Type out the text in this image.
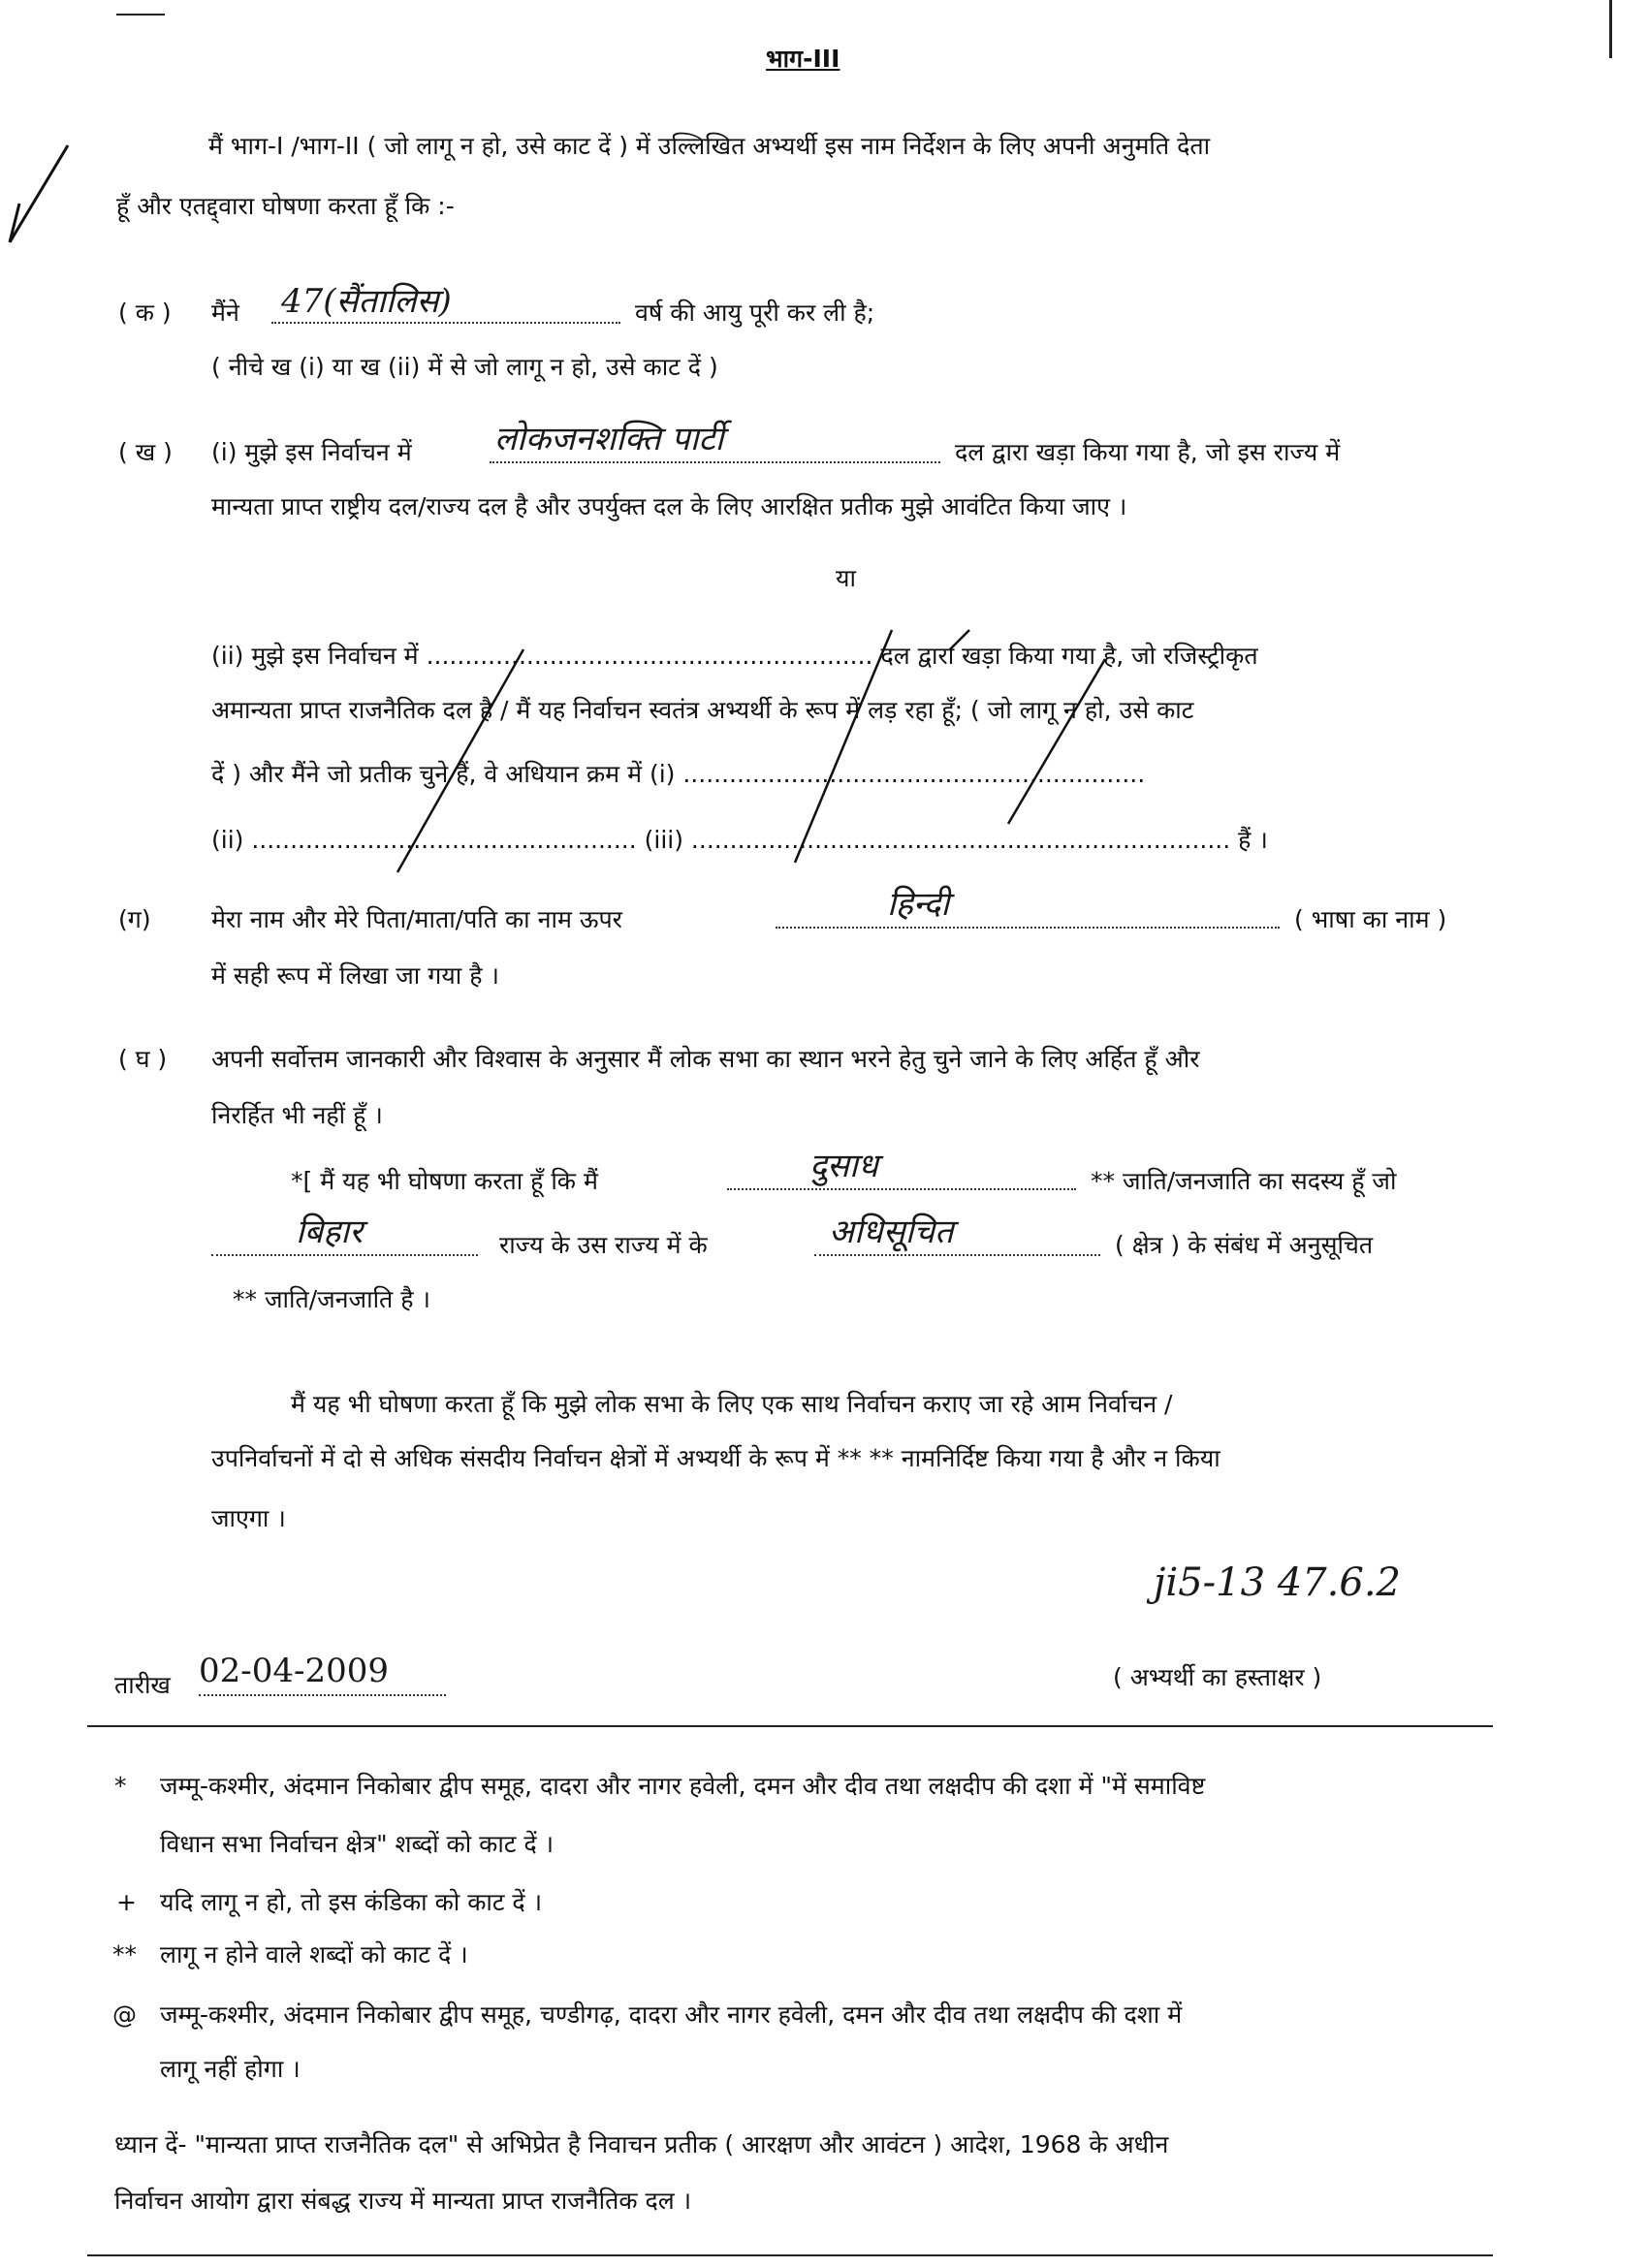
भाग-III
मैं भाग-I /भाग-II ( जो लागू न हो, उसे काट दें ) में उल्लिखित अभ्यर्थी इस नाम निर्देशन के लिए अपनी अनुमति देता
हूँ और एतद्द्वारा घोषणा करता हूँ कि :-
( क ) मैंने 47(सैंतालिस)	वर्ष की आयु पूरी कर ली है;
( नीचे ख (i) या ख (ii) में से जो लागू न हो, उसे काट दें )
( ख ) (i) मुझे इस निर्वाचन में	लोकजनशक्ति पार्टी	दल द्वारा खड़ा किया गया है, जो इस राज्य में
मान्यता प्राप्त राष्ट्रीय दल/राज्य दल है और उपर्युक्त दल के लिए आरक्षित प्रतीक मुझे आवंटित किया जाए ।
या
(ii) मुझे इस निर्वाचन में .......................................................... दल द्वारा खड़ा किया गया है, जो रजिस्ट्रीकृत
अमान्यता प्राप्त राजनैतिक दल है / मैं यह निर्वाचन स्वतंत्र अभ्यर्थी के रूप में लड़ रहा हूँ; ( जो लागू न हो, उसे काट
दें ) और मैंने जो प्रतीक चुने हैं, वे अधियान क्रम में (i) ............................................................
(ii) .................................................. (iii) ...................................................................... हैं ।
(ग) मेरा नाम और मेरे पिता/माता/पति का नाम ऊपर	हिन्दी	( भाषा का नाम )
में सही रूप में लिखा जा गया है ।
( घ ) अपनी सर्वोत्तम जानकारी और विश्वास के अनुसार मैं लोक सभा का स्थान भरने हेतु चुने जाने के लिए अर्हित हूँ और
निरर्हित भी नहीं हूँ ।
*[ मैं यह भी घोषणा करता हूँ कि मैं	दुसाध	** जाति/जनजाति का सदस्य हूँ जो
बिहार	राज्य के उस राज्य में के	अधिसूचित	( क्षेत्र ) के संबंध में अनुसूचित
** जाति/जनजाति है ।
मैं यह भी घोषणा करता हूँ कि मुझे लोक सभा के लिए एक साथ निर्वाचन कराए जा रहे आम निर्वाचन /
उपनिर्वाचनों में दो से अधिक संसदीय निर्वाचन क्षेत्रों में अभ्यर्थी के रूप में ** ** नामनिर्दिष्ट किया गया है और न किया
जाएगा ।
तारीख 02-04-2009
ji5-13 47.6.2
( अभ्यर्थी का हस्ताक्षर )
* जम्मू-कश्मीर, अंदमान निकोबार द्वीप समूह, दादरा और नागर हवेली, दमन और दीव तथा लक्षदीप की दशा में "में समाविष्ट
विधान सभा निर्वाचन क्षेत्र" शब्दों को काट दें ।
+ यदि लागू न हो, तो इस कंडिका को काट दें ।
** लागू न होने वाले शब्दों को काट दें ।
@ जम्मू-कश्मीर, अंदमान निकोबार द्वीप समूह, चण्डीगढ़, दादरा और नागर हवेली, दमन और दीव तथा लक्षदीप की दशा में
लागू नहीं होगा ।
ध्यान दें- "मान्यता प्राप्त राजनैतिक दल" से अभिप्रेत है निवाचन प्रतीक ( आरक्षण और आवंटन ) आदेश, 1968 के अधीन
निर्वाचन आयोग द्वारा संबद्ध राज्य में मान्यता प्राप्त राजनैतिक दल ।
